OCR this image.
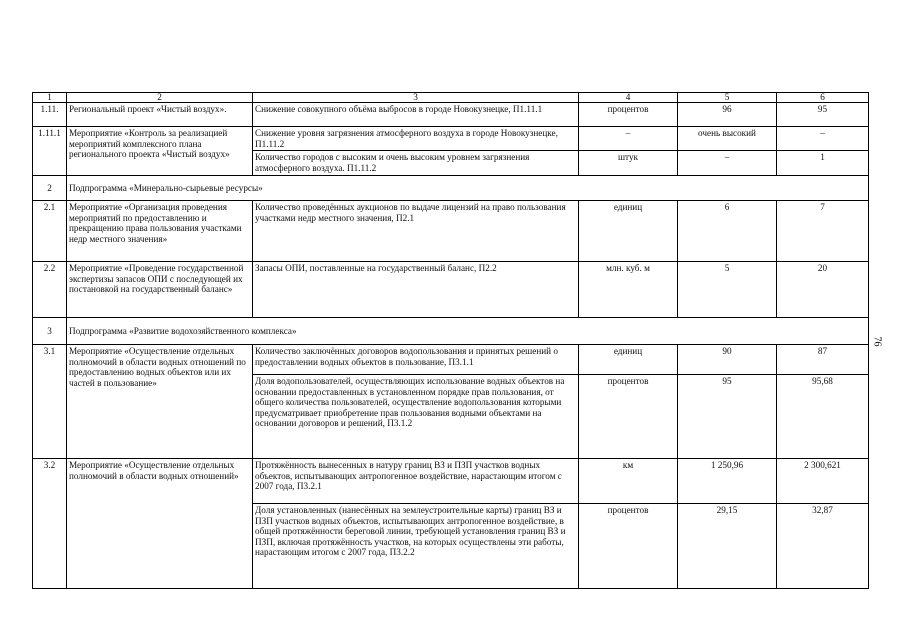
1	2	3	4	5	6
1.11.	Региональный проект «Чистый воздух».	Снижение совокупного объёма выбросов в городе Новокузнецке, П1.11.1	процентов	96	95
1.11.1	Мероприятие «Контроль за реализацией мероприятий комплексного плана регионального проекта «Чистый воздух»	Снижение уровня загрязнения атмосферного воздуха в городе Новокузнецке, П1.11.2	–	очень высокий	–
		Количество городов с высоким и очень высоким уровнем загрязнения атмосферного воздуха. П1.11.2	штук	–	1
2	Подпрограмма «Минерально-сырьевые ресурсы»				
2.1	Мероприятие «Организация проведения мероприятий по предоставлению и прекращению права пользования участками недр местного значения»	Количество проведённых аукционов по выдаче лицензий на право пользования участками недр местного значения, П2.1	единиц	6	7
2.2	Мероприятие «Проведение государственной экспертизы запасов ОПИ с последующей их постановкой на государственный баланс»	Запасы ОПИ, поставленные на государственный баланс, П2.2	млн. куб. м	5	20
3	Подпрограмма «Развитие водохозяйственного комплекса»				
3.1	Мероприятие «Осуществление отдельных полномочий в области водных отношений по предоставлению водных объектов или их частей в пользование»	Количество заключённых договоров водопользования и принятых решений о предоставлении водных объектов в пользование, П3.1.1	единиц	90	87
		Доля водопользователей, осуществляющих использование водных объектов на основании предоставленных в установленном порядке прав пользования, от общего количества пользователей, осуществление водопользования которыми предусматривает приобретение прав пользования водными объектами на основании договоров и решений, П3.1.2	процентов	95	95,68
3.2	Мероприятие «Осуществление отдельных полномочий в области водных отношений»	Протяжённость вынесенных в натуру границ ВЗ и ПЗП участков водных объектов, испытывающих антропогенное воздействие, нарастающим итогом с 2007 года, П3.2.1	км	1 250,96	2 300,621
		Доля установленных (нанесённых на землеустроительные карты) границ ВЗ и ПЗП участков водных объектов, испытывающих антропогенное воздействие, в общей протяжённости береговой линии, требующей установления границ ВЗ и ПЗП, включая протяжённость участков, на которых осуществлены эти работы, нарастающим итогом с 2007 года, П3.2.2	процентов	29,15	32,87
76
